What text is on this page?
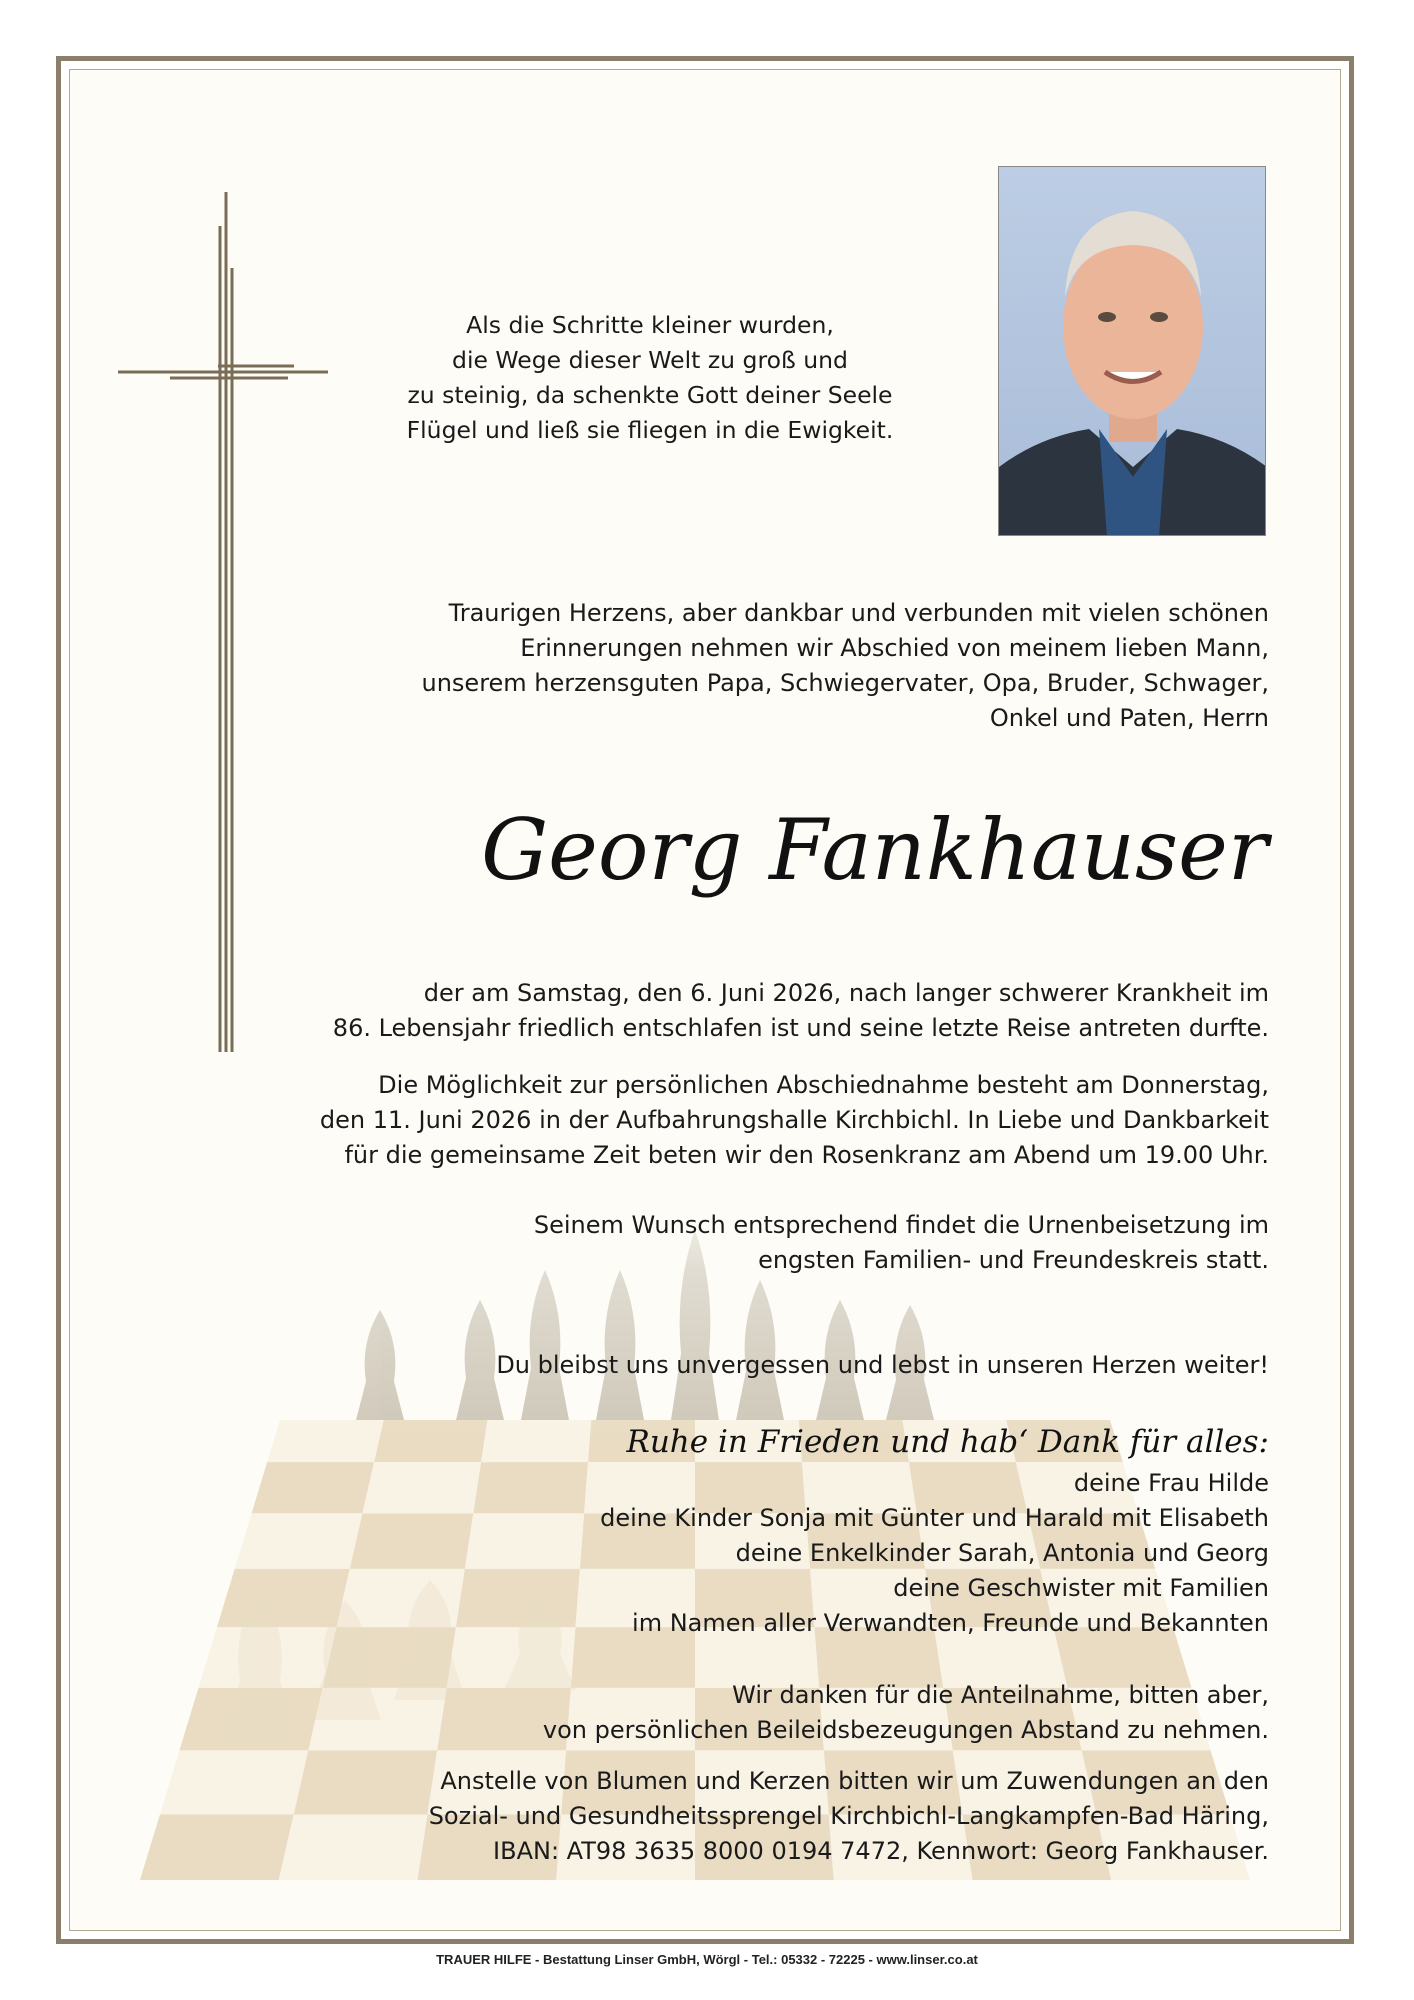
Als die Schritte kleiner wurden,
die Wege dieser Welt zu groß und
zu steinig, da schenkte Gott deiner Seele
Flügel und ließ sie fliegen in die Ewigkeit.
Traurigen Herzens, aber dankbar und verbunden mit vielen schönen
Erinnerungen nehmen wir Abschied von meinem lieben Mann,
unserem herzensguten Papa, Schwiegervater, Opa, Bruder, Schwager,
Onkel und Paten, Herrn
Georg Fankhauser
der am Samstag, den 6. Juni 2026, nach langer schwerer Krankheit im
86. Lebensjahr friedlich entschlafen ist und seine letzte Reise antreten durfte.
Die Möglichkeit zur persönlichen Abschiednahme besteht am Donnerstag,
den 11. Juni 2026 in der Aufbahrungshalle Kirchbichl. In Liebe und Dankbarkeit
für die gemeinsame Zeit beten wir den Rosenkranz am Abend um 19.00 Uhr.
Seinem Wunsch entsprechend findet die Urnenbeisetzung im
engsten Familien- und Freundeskreis statt.
Du bleibst uns unvergessen und lebst in unseren Herzen weiter!
Ruhe in Frieden und hab‘ Dank für alles:
deine Frau Hilde
deine Kinder Sonja mit Günter und Harald mit Elisabeth
deine Enkelkinder Sarah, Antonia und Georg
deine Geschwister mit Familien
im Namen aller Verwandten, Freunde und Bekannten
Wir danken für die Anteilnahme, bitten aber,
von persönlichen Beileidsbezeugungen Abstand zu nehmen.
Anstelle von Blumen und Kerzen bitten wir um Zuwendungen an den
Sozial- und Gesundheitssprengel Kirchbichl-Langkampfen-Bad Häring,
IBAN: AT98 3635 8000 0194 7472, Kennwort: Georg Fankhauser.
TRAUER HILFE - Bestattung Linser GmbH, Wörgl - Tel.: 05332 - 72225 - www.linser.co.at
